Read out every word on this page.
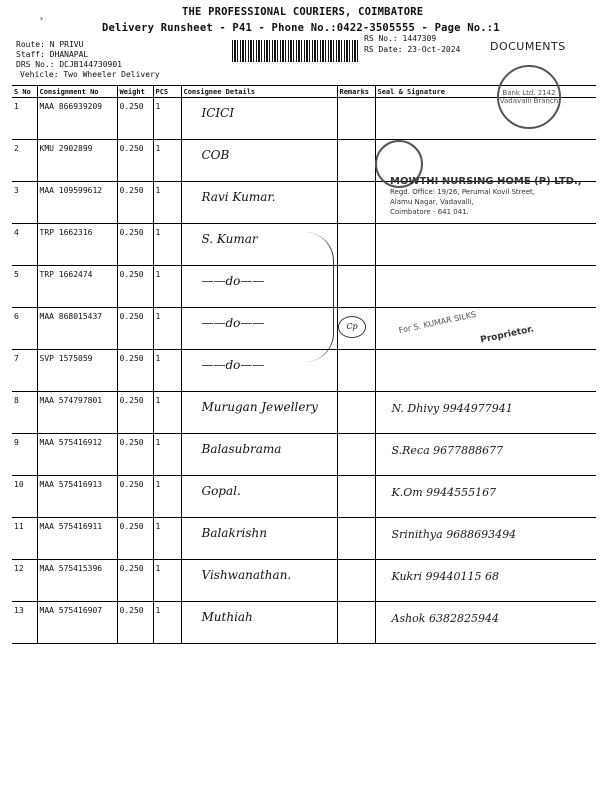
›
THE PROFESSIONAL COURIERS, COIMBATORE
Delivery Runsheet - P41 - Phone No.:0422-3505555 - Page No.:1
Route: N PRIVU
Staff: DHANAPAL
DRS No.: DCJB144730901
Vehicle: Two Wheeler Delivery
RS No.: 1447309
RS Date: 23-Oct-2024	DOCUMENTS
S No	Consignment No	Weight	PCS	Consignee Details	Remarks	Seal & Signature
1	MAA 866939209	0.250	1	ICICI		

2	KMU 2902899	0.250	1	COB		

3	MAA 109599612	0.250	1	Ravi Kumar.		

4	TRP 1662316	0.250	1	S. Kumar		

5	TRP 1662474	0.250	1	——do——		

6	MAA 868015437	0.250	1	——do——		

7	SVP 1575059	0.250	1	——do——		

8	MAA 574797801	0.250	1	Murugan Jewellery		N. Dhivy 9944977941

9	MAA 575416912	0.250	1	Balasubrama		S.Reca 9677888677

10	MAA 575416913	0.250	1	Gopal.		K.Om 9944555167

11	MAA 575416911	0.250	1	Balakrishn		Srinithya 9688693494

12	MAA 575415396	0.250	1	Vishwanathan.		Kukri 99440115 68

13	MAA 575416907	0.250	1	Muthiah		Ashok 6382825944
Cp
Bank Ltd. 2142 Vadavalli Branch
MOWTHI NURSING HOME (P) LTD.,
Regd. Office: 19/26, Perumal Kovil Street,
Alamu Nagar, Vadavalli,
Coimbatore - 641 041.
For S. KUMAR SILKS Proprietor.
